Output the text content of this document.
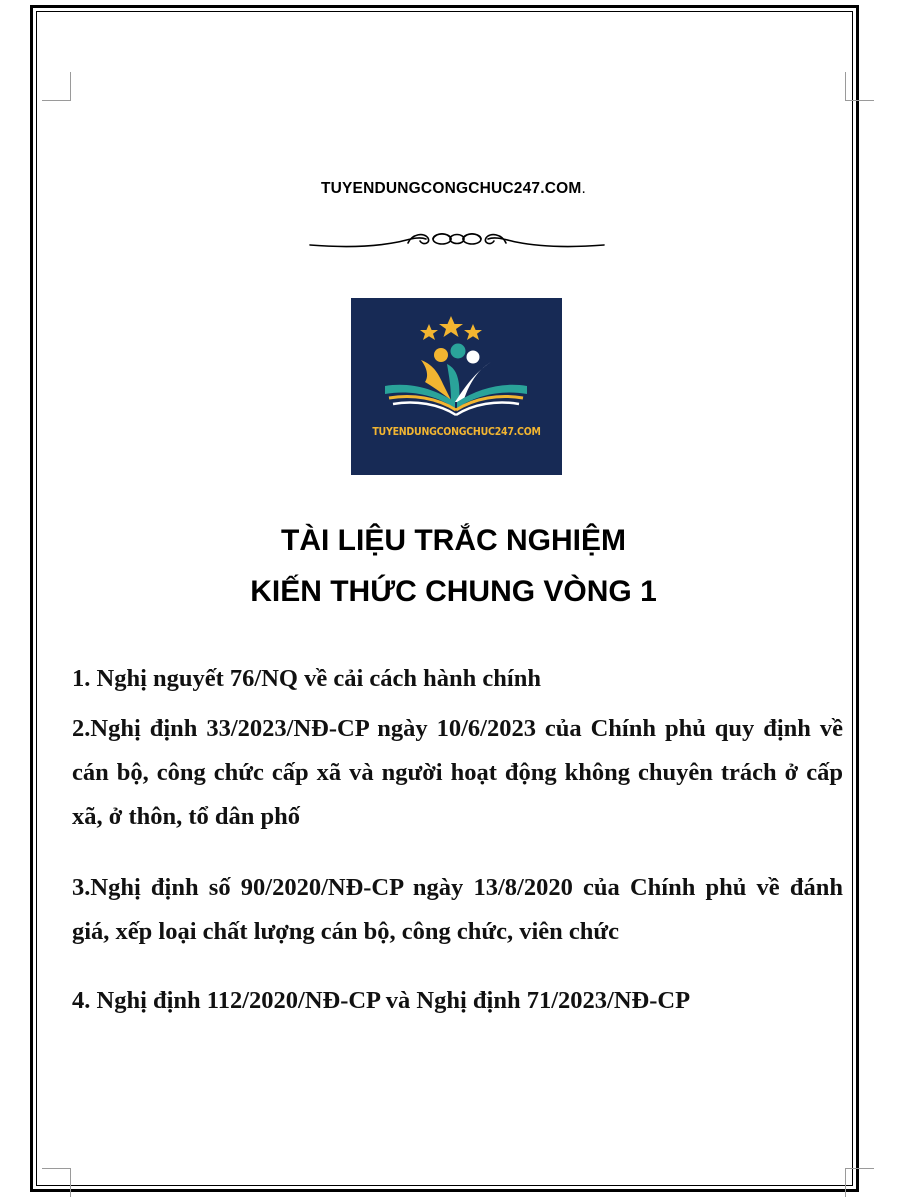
TUYENDUNGCONGCHUC247.COM.
TUYENDUNGCONGCHUC247.COM
TÀI LIỆU TRẮC NGHIỆM
KIẾN THỨC CHUNG VÒNG 1
1. Nghị nguyết 76/NQ về cải cách hành chính
2.Nghị định 33/2023/NĐ-CP ngày 10/6/2023 của Chính phủ quy định về cán bộ, công chức cấp xã và người hoạt động không chuyên trách ở cấp xã, ở thôn, tổ dân phố
3.Nghị định số 90/2020/NĐ-CP ngày 13/8/2020 của Chính phủ về đánh giá, xếp loại chất lượng cán bộ, công chức, viên chức
4. Nghị định 112/2020/NĐ-CP và Nghị định 71/2023/NĐ-CP
